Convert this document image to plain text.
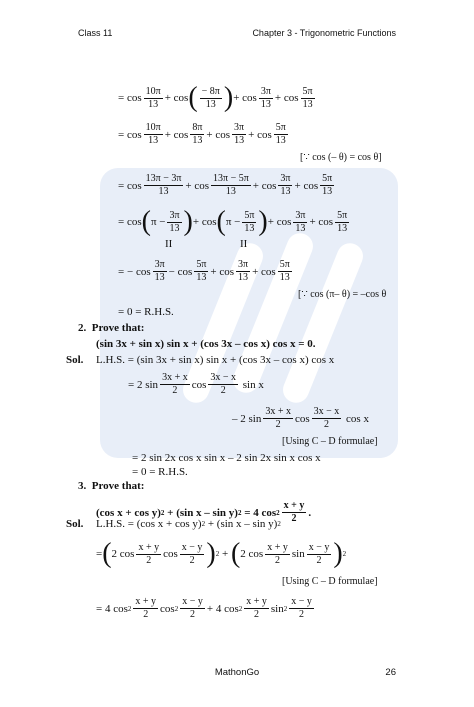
Class 11	Chapter 3 - Trigonometric Functions
=
cos
10π
13 +
cos ( − 8π
13 ) +
cos
3π
13 +
cos
5π
13
=
cos
10π
13 +
cos
8π
13 +
cos
3π
13 +
cos
5π
13
[∵ cos (– θ) = cos θ]
=
cos
13π − 3π
13 +
cos
13π − 5π
13 +
cos
3π
13 +
cos
5π
13
=
cos ( $\pi - \frac{3\pi}{13}$ ) +
cos ( $\pi - \frac{5\pi}{13}$ ) +
cos
3π
13 +
cos
5π
13
II	II
=
−
cos
3π
13 −
cos
5π
13 +
cos
3π
13 +
cos
5π
13
[∵ cos (π– θ) = –cos θ
= 0 = R.H.S.
2.  Prove that:
(sin 3x + sin x) sin x + (cos 3x – cos x) cos x = 0.
Sol. L.H.S. = (sin 3x + sin x) sin x + (cos 3x – cos x) cos x
=
2 sin
3x + x
2 cos
3x − x
2
sin x
– 2 sin
3x + x
2 cos
3x − x
2
cos x
[Using C – D formulae]
= 2 sin 2x cos x sin x – 2 sin 2x sin x cos x
= 0 = R.H.S.
3.  Prove that:
(cos x + cos y) 2 + (sin x – sin y) 2 = 4 cos 2
x + y
2 .
Sol. L.H.S. = (cos x + cos y) 2 + (sin x – sin y) 2
= ( 2 cos
x + y
2 cos
x − y
2 ) 2
+
( 2 cos
x + y
2 sin
x − y
2 ) 2
[Using C – D formulae]
=
4 cos 2
x + y
2 cos 2
x − y
2 +
4 cos 2
x + y
2 sin 2
x − y
2
MathonGo	26
